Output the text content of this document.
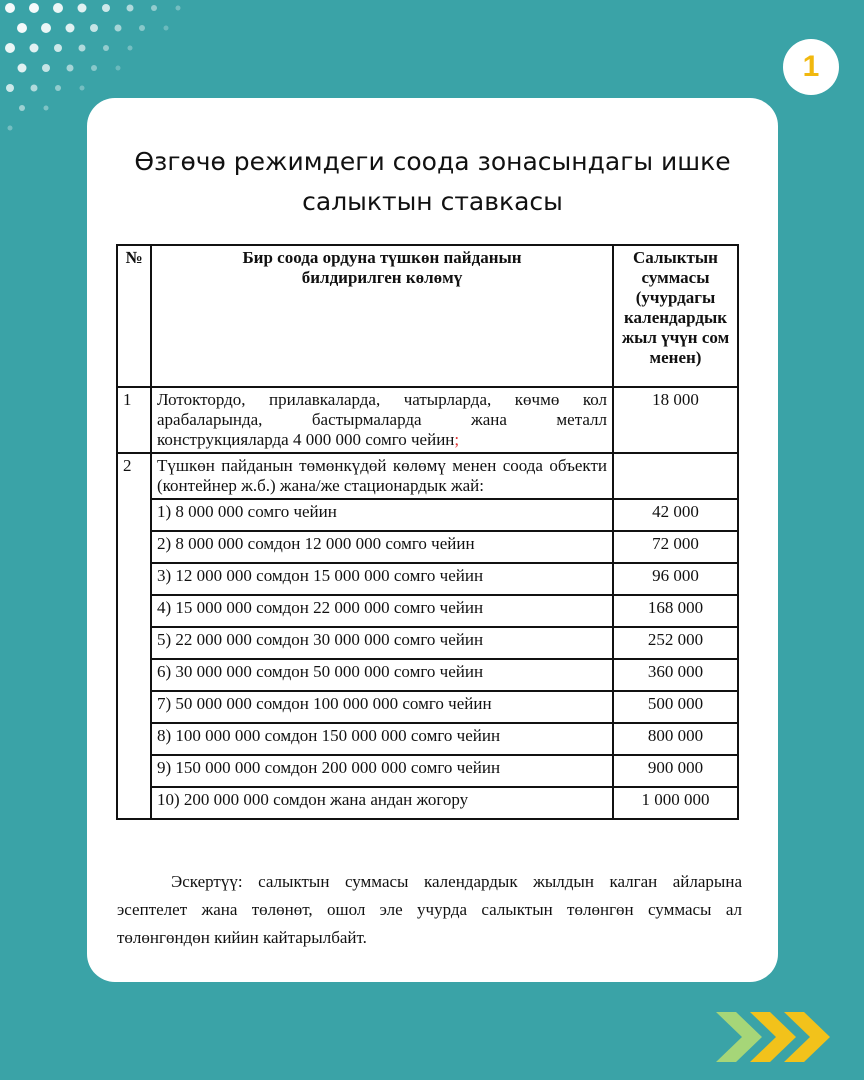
1
Өзгөчө режимдеги соода зонасындагы ишке
салыктын ставкасы
№	Бир соода ордуна түшкөн пайданын билдирилген көлөмү	Салыктын суммасы (учурдагы календардык жыл үчүн сом менен)
1	Лотоктордо, прилавкаларда, чатырларда, көчмө кол арабаларында, бастырмаларда жана металл конструкцияларда 4 000 000 сомго чейин;	18 000
2	Түшкөн пайданын төмөнкүдөй көлөмү менен соода объекти (контейнер ж.б.) жана/же стационардык жай:	
	1) 8 000 000 сомго чейин	42 000
	2) 8 000 000 сомдон 12 000 000 сомго чейин	72 000
	3) 12 000 000 сомдон 15 000 000 сомго чейин	96 000
	4) 15 000 000 сомдон 22 000 000 сомго чейин	168 000
	5) 22 000 000 сомдон 30 000 000 сомго чейин	252 000
	6) 30 000 000 сомдон 50 000 000 сомго чейин	360 000
	7) 50 000 000 сомдон 100 000 000 сомго чейин	500 000
	8) 100 000 000 сомдон 150 000 000 сомго чейин	800 000
	9) 150 000 000 сомдон 200 000 000 сомго чейин	900 000
	10) 200 000 000 сомдон жана андан жогору	1 000 000

Эскертүү: салыктын суммасы календардык жылдын калган айларына эсептелет жана төлөнөт, ошол эле учурда салыктын төлөнгөн суммасы ал төлөнгөндөн кийин кайтарылбайт.
